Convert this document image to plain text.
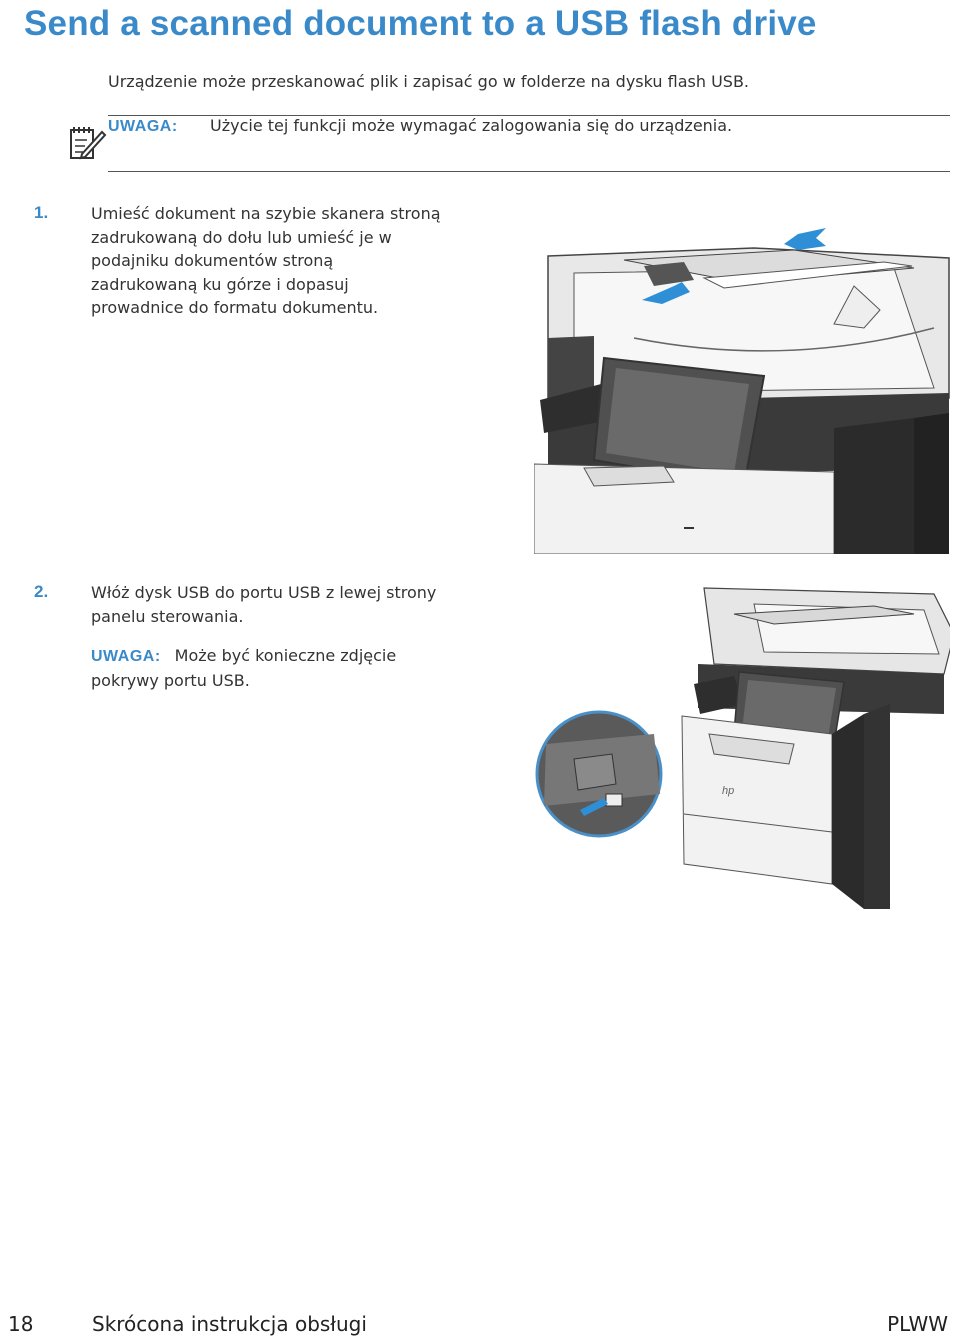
Send a scanned document to a USB flash drive

Urządzenie może przeskanować plik i zapisać go w folderze na dysku flash USB.

UWAGA: Użycie tej funkcji może wymagać zalogowania się do urządzenia.
1.	Umieść dokument na szybie skanera stroną
zadrukowaną do dołu lub umieść je w
podajniku dokumentów stroną
zadrukowaną ku górze i dopasuj
prowadnice do formatu dokumentu.

2.	Włóż dysk USB do portu USB z lewej strony
panelu sterowania.

UWAGA: Może być konieczne zdjęcie pokrywy portu USB.

hp
18	Skrócona instrukcja obsługi	PLWW
